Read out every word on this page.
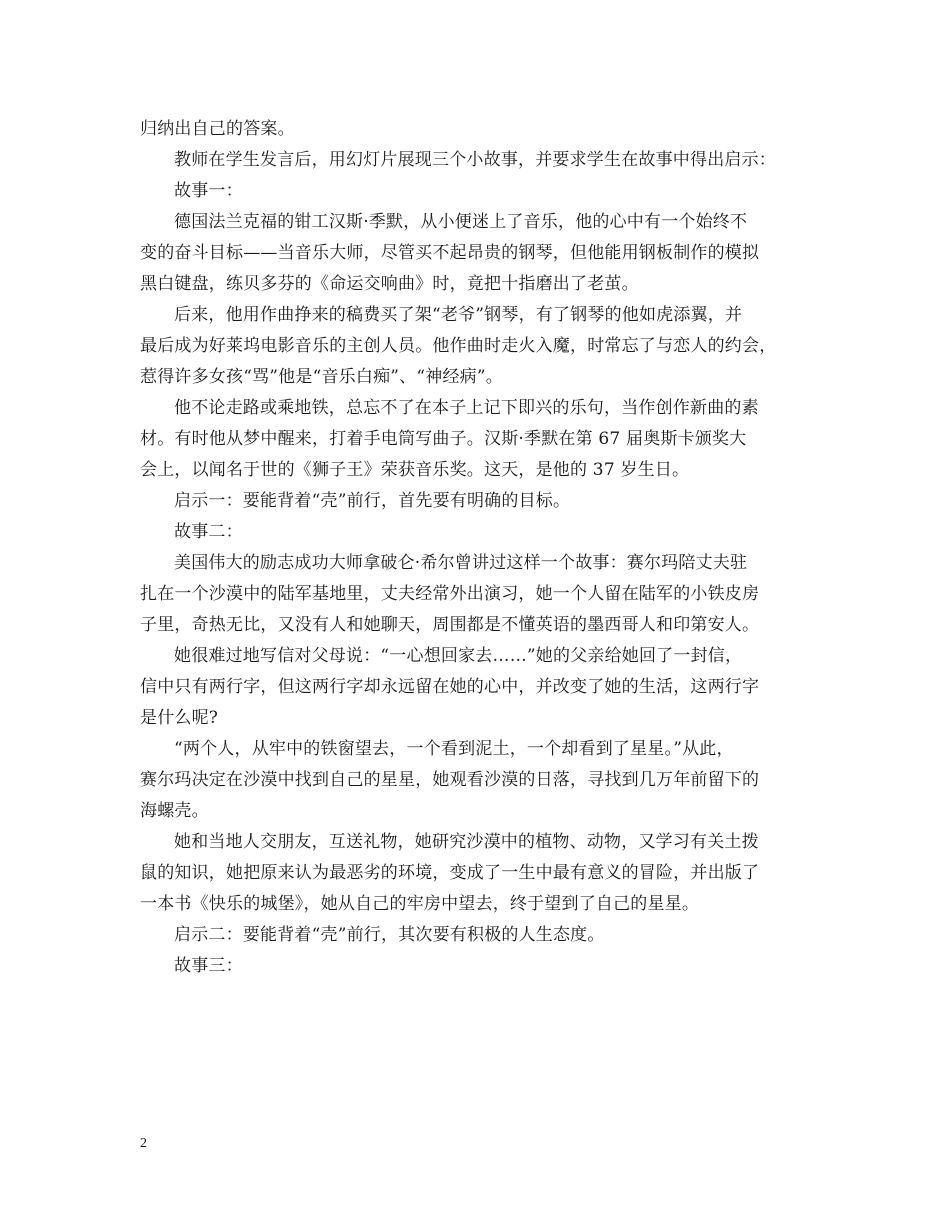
归纳出自己的答案。
教师在学生发言后，用幻灯片展现三个小故事，并要求学生在故事中得出启示：
故事一：
德国法兰克福的钳工汉斯·季默，从小便迷上了音乐，他的心中有一个始终不
变的奋斗目标——当音乐大师，尽管买不起昂贵的钢琴，但他能用钢板制作的模拟
黑白键盘，练贝多芬的《命运交响曲》时，竟把十指磨出了老茧。
后来，他用作曲挣来的稿费买了架“老爷”钢琴，有了钢琴的他如虎添翼，并
最后成为好莱坞电影音乐的主创人员。他作曲时走火入魔，时常忘了与恋人的约会，
惹得许多女孩“骂”他是“音乐白痴”、“神经病”。
他不论走路或乘地铁，总忘不了在本子上记下即兴的乐句，当作创作新曲的素
材。有时他从梦中醒来，打着手电筒写曲子。汉斯·季默在第 67 届奥斯卡颁奖大
会上，以闻名于世的《狮子王》荣获音乐奖。这天，是他的 37 岁生日。
启示一：要能背着“壳”前行，首先要有明确的目标。
故事二：
美国伟大的励志成功大师拿破仑·希尔曾讲过这样一个故事：赛尔玛陪丈夫驻
扎在一个沙漠中的陆军基地里，丈夫经常外出演习，她一个人留在陆军的小铁皮房
子里，奇热无比，又没有人和她聊天，周围都是不懂英语的墨西哥人和印第安人。
她很难过地写信对父母说：“一心想回家去……”她的父亲给她回了一封信，
信中只有两行字，但这两行字却永远留在她的心中，并改变了她的生活，这两行字
是什么呢?
“两个人，从牢中的铁窗望去，一个看到泥土，一个却看到了星星。”从此，
赛尔玛决定在沙漠中找到自己的星星，她观看沙漠的日落，寻找到几万年前留下的
海螺壳。
她和当地人交朋友，互送礼物，她研究沙漠中的植物、动物，又学习有关土拨
鼠的知识，她把原来认为最恶劣的环境，变成了一生中最有意义的冒险，并出版了
一本书《快乐的城堡》，她从自己的牢房中望去，终于望到了自己的星星。
启示二：要能背着“壳”前行，其次要有积极的人生态度。
故事三：
2
